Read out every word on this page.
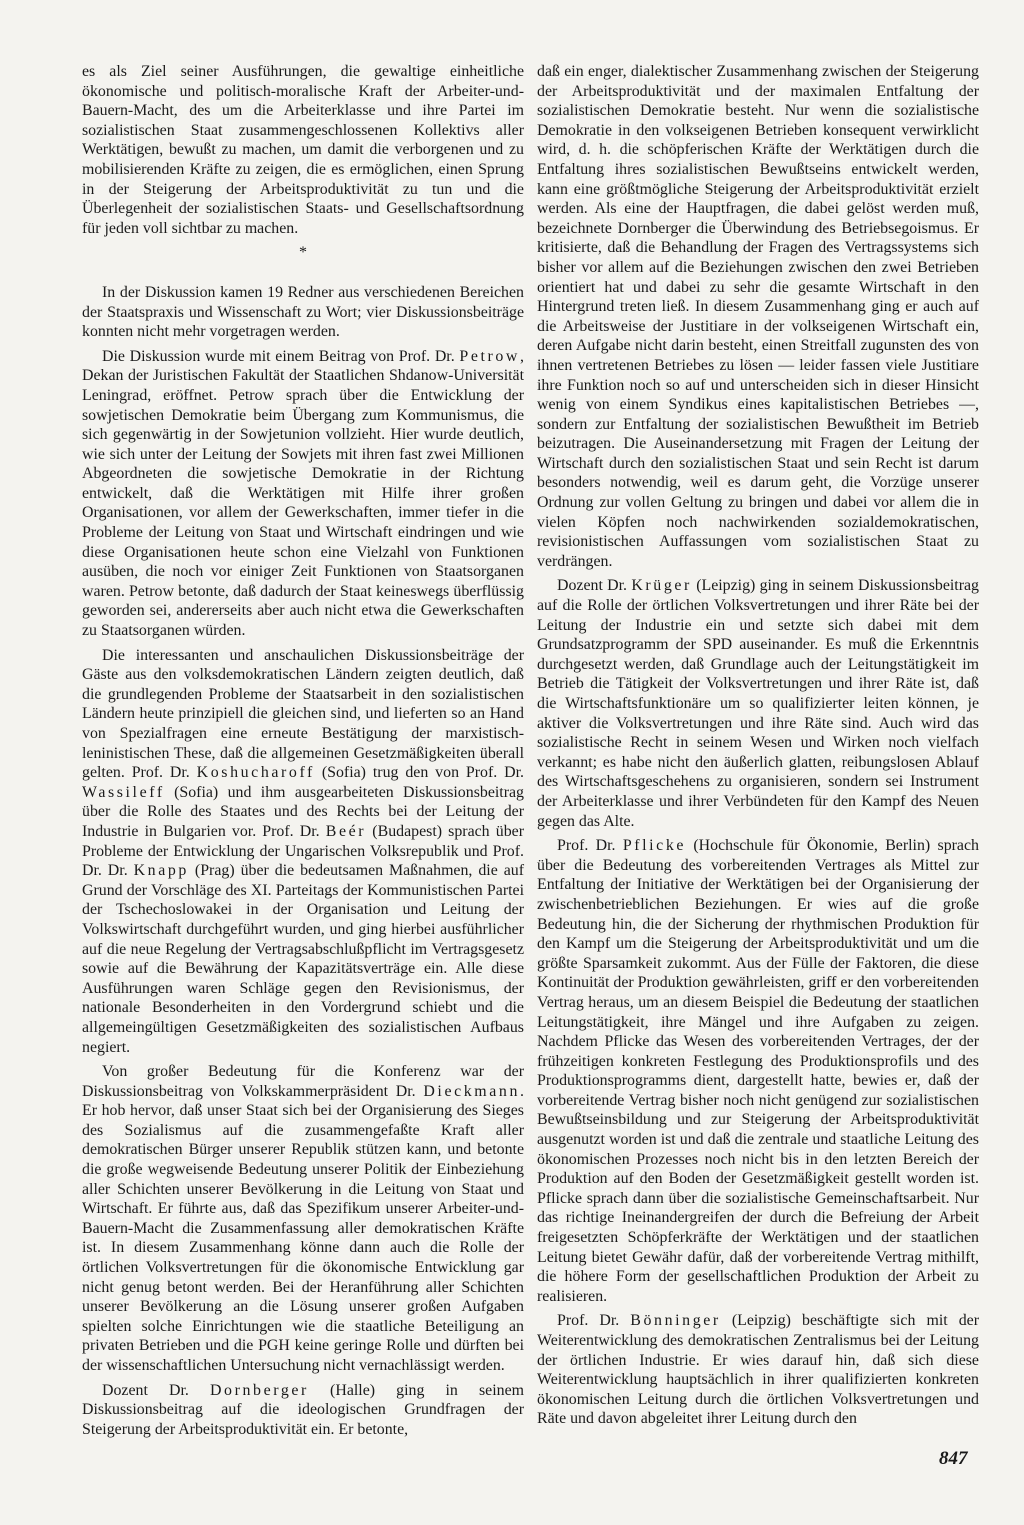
es als Ziel seiner Ausführungen, die gewaltige einheitliche ökonomische und politisch-moralische Kraft der Arbeiter-und-Bauern-Macht, des um die Arbeiterklasse und ihre Partei im sozialistischen Staat zusammengeschlossenen Kollektivs aller Werktätigen, bewußt zu machen, um damit die verborgenen und zu mobilisierenden Kräfte zu zeigen, die es ermöglichen, einen Sprung in der Steigerung der Arbeitsproduktivität zu tun und die Überlegenheit der sozialistischen Staats- und Gesellschaftsordnung für jeden voll sichtbar zu machen.

*

In der Diskussion kamen 19 Redner aus verschiedenen Bereichen der Staatspraxis und Wissenschaft zu Wort; vier Diskussionsbeiträge konnten nicht mehr vorgetragen werden.

Die Diskussion wurde mit einem Beitrag von Prof. Dr. Petrow, Dekan der Juristischen Fakultät der Staatlichen Shdanow-Universität Leningrad, eröffnet. Petrow sprach über die Entwicklung der sowjetischen Demokratie beim Übergang zum Kommunismus, die sich gegenwärtig in der Sowjetunion vollzieht. Hier wurde deutlich, wie sich unter der Leitung der Sowjets mit ihren fast zwei Millionen Abgeordneten die sowjetische Demokratie in der Richtung entwickelt, daß die Werktätigen mit Hilfe ihrer großen Organisationen, vor allem der Gewerkschaften, immer tiefer in die Probleme der Leitung von Staat und Wirtschaft eindringen und wie diese Organisationen heute schon eine Vielzahl von Funktionen ausüben, die noch vor einiger Zeit Funktionen von Staatsorganen waren. Petrow betonte, daß dadurch der Staat keineswegs überflüssig geworden sei, andererseits aber auch nicht etwa die Gewerkschaften zu Staatsorganen würden.

Die interessanten und anschaulichen Diskussionsbeiträge der Gäste aus den volksdemokratischen Ländern zeigten deutlich, daß die grundlegenden Probleme der Staatsarbeit in den sozialistischen Ländern heute prinzipiell die gleichen sind, und lieferten so an Hand von Spezialfragen eine erneute Bestätigung der marxistisch-leninistischen These, daß die allgemeinen Gesetzmäßigkeiten überall gelten. Prof. Dr. Koshucharoff (Sofia) trug den von Prof. Dr. Wassileff (Sofia) und ihm ausgearbeiteten Diskussionsbeitrag über die Rolle des Staates und des Rechts bei der Leitung der Industrie in Bulgarien vor. Prof. Dr. Beér (Budapest) sprach über Probleme der Entwicklung der Ungarischen Volksrepublik und Prof. Dr. Dr. Knapp (Prag) über die bedeutsamen Maßnahmen, die auf Grund der Vorschläge des XI. Parteitags der Kommunistischen Partei der Tschechoslowakei in der Organisation und Leitung der Volkswirtschaft durchgeführt wurden, und ging hierbei ausführlicher auf die neue Regelung der Vertragsabschlußpflicht im Vertragsgesetz sowie auf die Bewährung der Kapazitätsverträge ein. Alle diese Ausführungen waren Schläge gegen den Revisionismus, der nationale Besonderheiten in den Vordergrund schiebt und die allgemeingültigen Gesetzmäßigkeiten des sozialistischen Aufbaus negiert.

Von großer Bedeutung für die Konferenz war der Diskussionsbeitrag von Volkskammerpräsident Dr. Dieckmann. Er hob hervor, daß unser Staat sich bei der Organisierung des Sieges des Sozialismus auf die zusammengefaßte Kraft aller demokratischen Bürger unserer Republik stützen kann, und betonte die große wegweisende Bedeutung unserer Politik der Einbeziehung aller Schichten unserer Bevölkerung in die Leitung von Staat und Wirtschaft. Er führte aus, daß das Spezifikum unserer Arbeiter-und-Bauern-Macht die Zusammenfassung aller demokratischen Kräfte ist. In diesem Zusammenhang könne dann auch die Rolle der örtlichen Volksvertretungen für die ökonomische Entwicklung gar nicht genug betont werden. Bei der Heranführung aller Schichten unserer Bevölkerung an die Lösung unserer großen Aufgaben spielten solche Einrichtungen wie die staatliche Beteiligung an privaten Betrieben und die PGH keine geringe Rolle und dürften bei der wissenschaftlichen Untersuchung nicht vernachlässigt werden.

Dozent Dr. Dornberger (Halle) ging in seinem Diskussionsbeitrag auf die ideologischen Grundfragen der Steigerung der Arbeitsproduktivität ein. Er betonte,

daß ein enger, dialektischer Zusammenhang zwischen der Steigerung der Arbeitsproduktivität und der maximalen Entfaltung der sozialistischen Demokratie besteht. Nur wenn die sozialistische Demokratie in den volkseigenen Betrieben konsequent verwirklicht wird, d. h. die schöpferischen Kräfte der Werktätigen durch die Entfaltung ihres sozialistischen Bewußtseins entwickelt werden, kann eine größtmögliche Steigerung der Arbeitsproduktivität erzielt werden. Als eine der Hauptfragen, die dabei gelöst werden muß, bezeichnete Dornberger die Überwindung des Betriebsegoismus. Er kritisierte, daß die Behandlung der Fragen des Vertragssystems sich bisher vor allem auf die Beziehungen zwischen den zwei Betrieben orientiert hat und dabei zu sehr die gesamte Wirtschaft in den Hintergrund treten ließ. In diesem Zusammenhang ging er auch auf die Arbeitsweise der Justitiare in der volkseigenen Wirtschaft ein, deren Aufgabe nicht darin besteht, einen Streitfall zugunsten des von ihnen vertretenen Betriebes zu lösen — leider fassen viele Justitiare ihre Funktion noch so auf und unterscheiden sich in dieser Hinsicht wenig von einem Syndikus eines kapitalistischen Betriebes —, sondern zur Entfaltung der sozialistischen Bewußtheit im Betrieb beizutragen. Die Auseinandersetzung mit Fragen der Leitung der Wirtschaft durch den sozialistischen Staat und sein Recht ist darum besonders notwendig, weil es darum geht, die Vorzüge unserer Ordnung zur vollen Geltung zu bringen und dabei vor allem die in vielen Köpfen noch nachwirkenden sozialdemokratischen, revisionistischen Auffassungen vom sozialistischen Staat zu verdrängen.

Dozent Dr. Krüger (Leipzig) ging in seinem Diskussionsbeitrag auf die Rolle der örtlichen Volksvertretungen und ihrer Räte bei der Leitung der Industrie ein und setzte sich dabei mit dem Grundsatzprogramm der SPD auseinander. Es muß die Erkenntnis durchgesetzt werden, daß Grundlage auch der Leitungstätigkeit im Betrieb die Tätigkeit der Volksvertretungen und ihrer Räte ist, daß die Wirtschaftsfunktionäre um so qualifizierter leiten können, je aktiver die Volksvertretungen und ihre Räte sind. Auch wird das sozialistische Recht in seinem Wesen und Wirken noch vielfach verkannt; es habe nicht den äußerlich glatten, reibungslosen Ablauf des Wirtschaftsgeschehens zu organisieren, sondern sei Instrument der Arbeiterklasse und ihrer Verbündeten für den Kampf des Neuen gegen das Alte.

Prof. Dr. Pflicke (Hochschule für Ökonomie, Berlin) sprach über die Bedeutung des vorbereitenden Vertrages als Mittel zur Entfaltung der Initiative der Werktätigen bei der Organisierung der zwischenbetrieblichen Beziehungen. Er wies auf die große Bedeutung hin, die der Sicherung der rhythmischen Produktion für den Kampf um die Steigerung der Arbeitsproduktivität und um die größte Sparsamkeit zukommt. Aus der Fülle der Faktoren, die diese Kontinuität der Produktion gewährleisten, griff er den vorbereitenden Vertrag heraus, um an diesem Beispiel die Bedeutung der staatlichen Leitungstätigkeit, ihre Mängel und ihre Aufgaben zu zeigen. Nachdem Pflicke das Wesen des vorbereitenden Vertrages, der der frühzeitigen konkreten Festlegung des Produktionsprofils und des Produktionsprogramms dient, dargestellt hatte, bewies er, daß der vorbereitende Vertrag bisher noch nicht genügend zur sozialistischen Bewußtseinsbildung und zur Steigerung der Arbeitsproduktivität ausgenutzt worden ist und daß die zentrale und staatliche Leitung des ökonomischen Prozesses noch nicht bis in den letzten Bereich der Produktion auf den Boden der Gesetzmäßigkeit gestellt worden ist. Pflicke sprach dann über die sozialistische Gemeinschaftsarbeit. Nur das richtige Ineinandergreifen der durch die Befreiung der Arbeit freigesetzten Schöpferkräfte der Werktätigen und der staatlichen Leitung bietet Gewähr dafür, daß der vorbereitende Vertrag mithilft, die höhere Form der gesellschaftlichen Produktion der Arbeit zu realisieren.

Prof. Dr. Bönninger (Leipzig) beschäftigte sich mit der Weiterentwicklung des demokratischen Zentralismus bei der Leitung der örtlichen Industrie. Er wies darauf hin, daß sich diese Weiterentwicklung hauptsächlich in ihrer qualifizierten konkreten ökonomischen Leitung durch die örtlichen Volksvertretungen und Räte und davon abgeleitet ihrer Leitung durch den

847
